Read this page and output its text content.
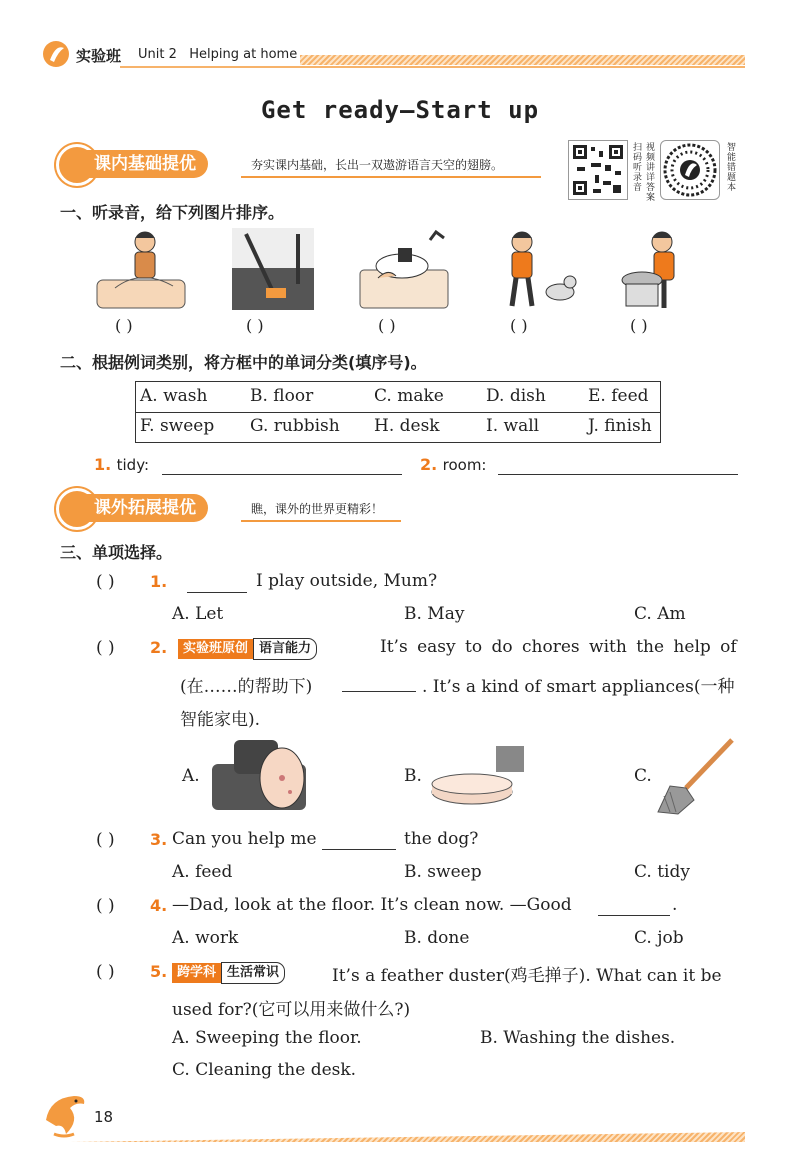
实验班 Unit 2   Helping at home
Get ready—Start up
课内基础提优	夯实课内基础，长出一双遨游语言天空的翅膀。	扫码听录音 视频讲详答案	智能错题本
一、听录音，给下列图片排序。
( )	( )	( )	( )	( )
二、根据例词类别，将方框中的单词分类(填序号)。
A. wash	B. floor	C. make D. dish E. feed
F. sweep G. rubbish H. desk	I. wall	J. finish
1. tidy:	2. room:
课外拓展提优	瞧，课外的世界更精彩！
三、单项选择。
( ) 1.	I play outside, Mum?
A. Let	B. May	C. Am
( ) 2.	实验班原创 语言能力	It’s easy to do chores with the help of
(在……的帮助下)	. It’s a kind of smart appliances(一种
智能家电).
A.	B.	C.
( ) 3. Can you help me	the dog?
A. feed	B. sweep	C. tidy
( ) 4. —Dad, look at the floor. It’s clean now. —Good	.
A. work	B. done	C. job
( ) 5. 跨学科 生活常识	It’s a feather duster(鸡毛掸子). What can it be
used for?(它可以用来做什么?)
A. Sweeping the floor.	B. Washing the dishes.
C. Cleaning the desk.
18
